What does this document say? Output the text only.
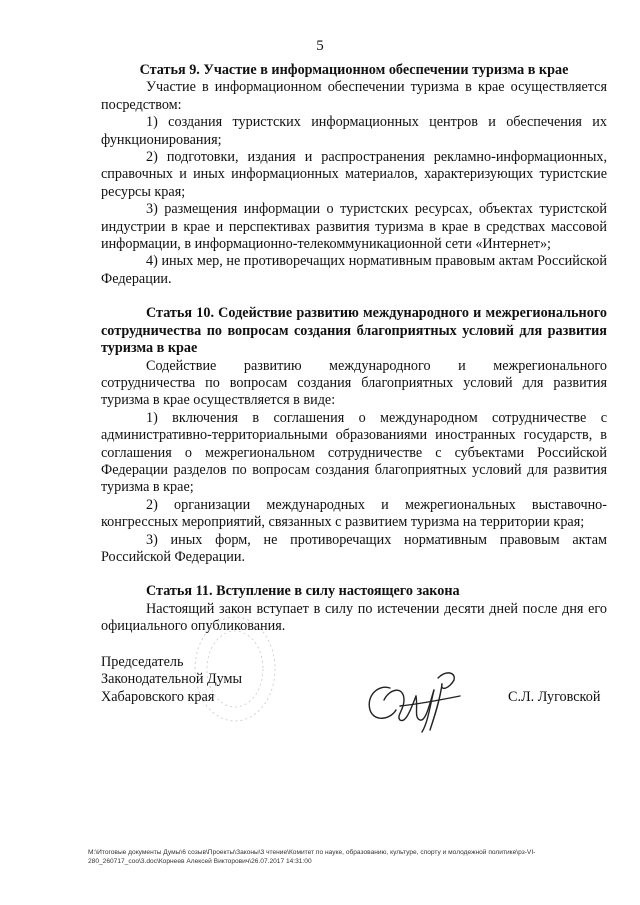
5

Статья 9. Участие в информационном обеспечении туризма в крае

Участие в информационном обеспечении туризма в крае осуществляется посредством:

1) создания туристских информационных центров и обеспечения их функционирования;

2) подготовки, издания и распространения рекламно-информационных, справочных и иных информационных материалов, характеризующих туристские ресурсы края;

3) размещения информации о туристских ресурсах, объектах туристской индустрии в крае и перспективах развития туризма в крае в средствах массовой информации, в информационно-телекоммуникационной сети «Интернет»;

4) иных мер, не противоречащих нормативным правовым актам Российской Федерации.

Статья 10. Содействие развитию международного и межрегионального сотрудничества по вопросам создания благоприятных условий для развития туризма в крае

Содействие развитию международного и межрегионального сотрудничества по вопросам создания благоприятных условий для развития туризма в крае осуществляется в виде:

1) включения в соглашения о международном сотрудничестве с административно-территориальными образованиями иностранных государств, в соглашения о межрегиональном сотрудничестве с субъектами Российской Федерации разделов по вопросам создания благоприятных условий для развития туризма в крае;

2) организации международных и межрегиональных выставочно-конгрессных мероприятий, связанных с развитием туризма на территории края;

3) иных форм, не противоречащих нормативным правовым актам Российской Федерации.

Статья 11. Вступление в силу настоящего закона

Настоящий закон вступает в силу по истечении десяти дней после дня его официального опубликования.

Председатель
Законодательной Думы
Хабаровского края	С.Л. Луговской
M:\Итоговые документы Думы\6 созыв\Проекты\Законы\3 чтение\Комитет по науке, образованию, культуре, спорту и молодежной политике\рз-VI-280_260717_соо\3.doc\Корнеев Алексей Викторович\26.07.2017 14:31:00
